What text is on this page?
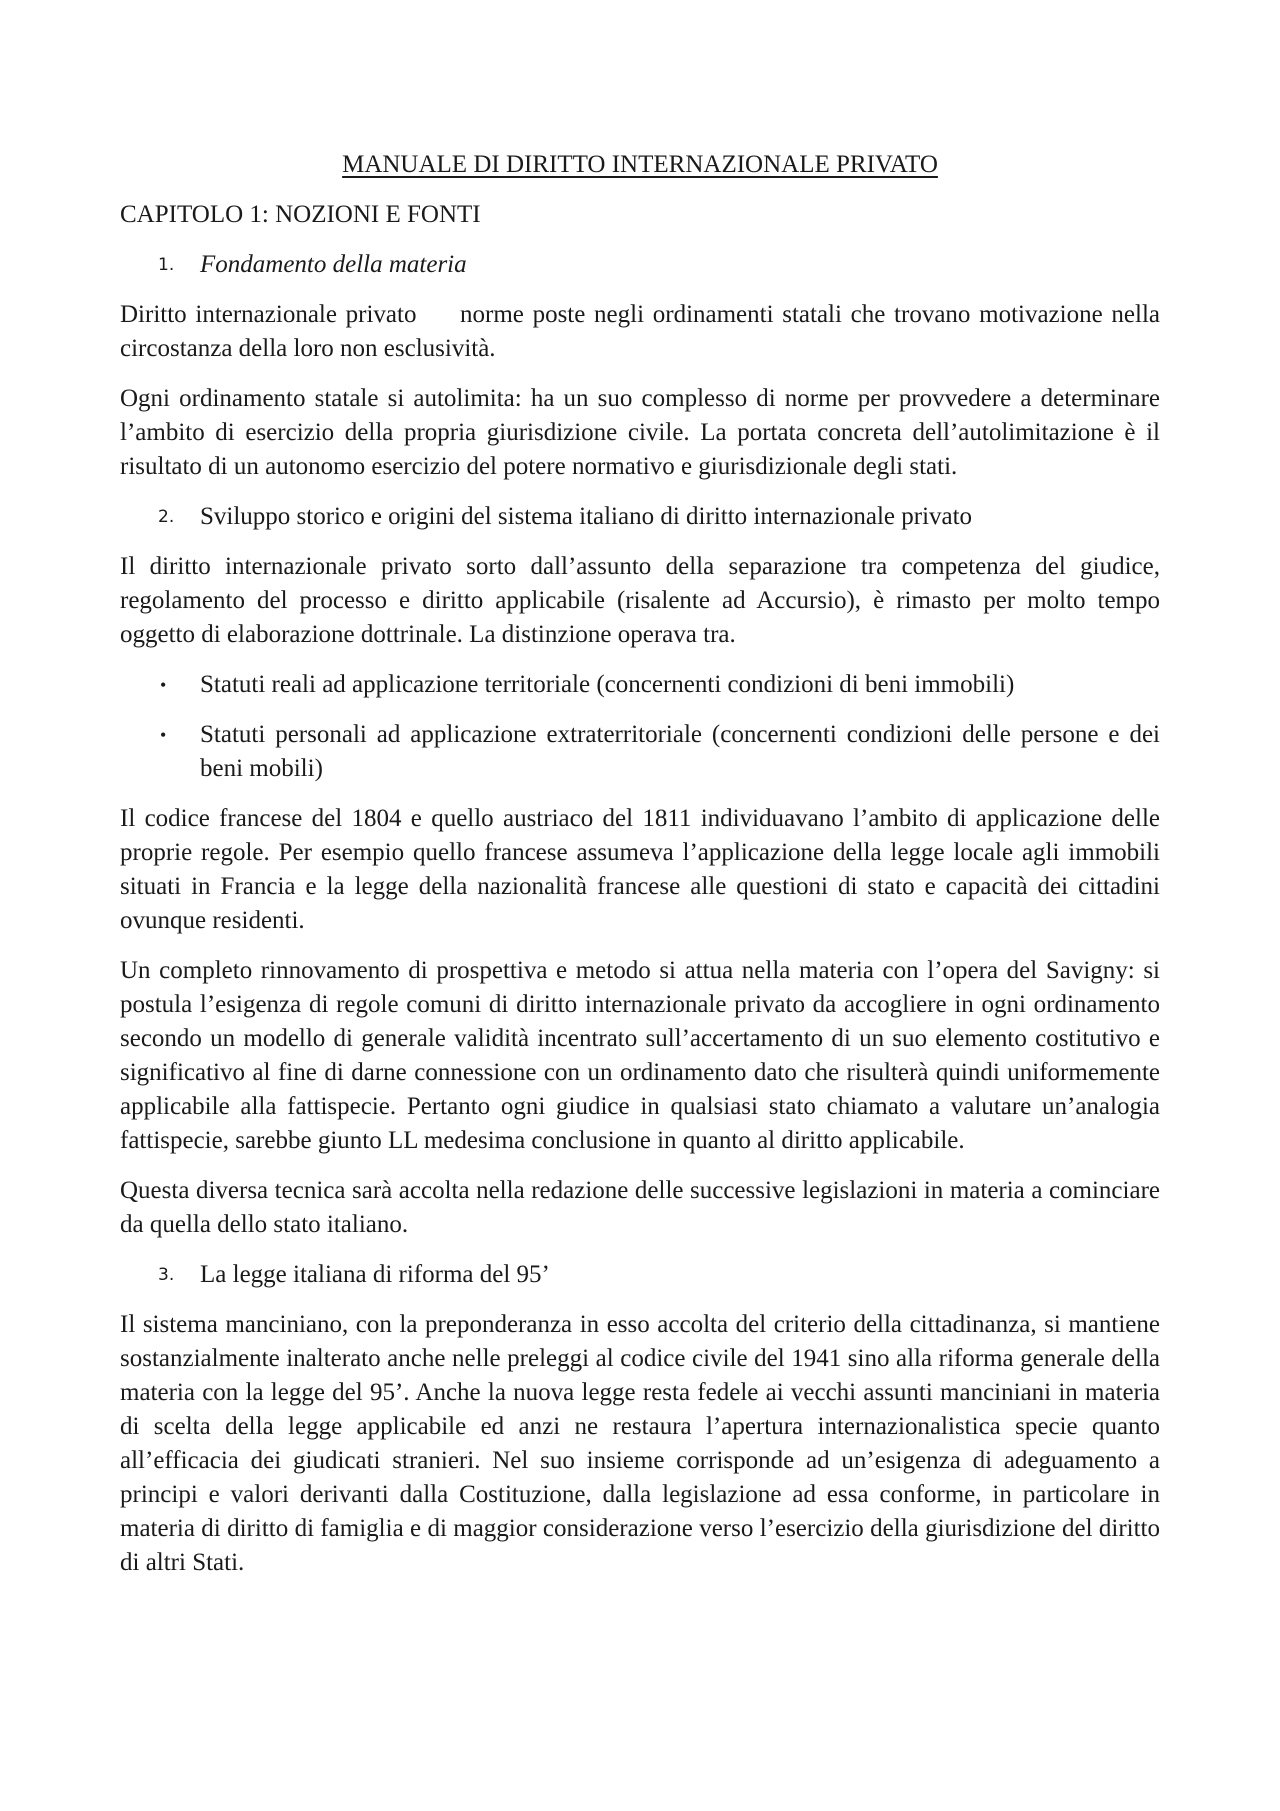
MANUALE DI DIRITTO INTERNAZIONALE PRIVATO
CAPITOLO 1: NOZIONI E FONTI
1. Fondamento della materia

Diritto internazionale privato     norme poste negli ordinamenti statali che trovano motivazione nella circostanza della loro non esclusività.

Ogni ordinamento statale si autolimita: ha un suo complesso di norme per provvedere a determinare l’ambito di esercizio della propria giurisdizione civile. La portata concreta dell’autolimitazione è il risultato di un autonomo esercizio del potere normativo e giurisdizionale degli stati.

2. Sviluppo storico e origini del sistema italiano di diritto internazionale privato

Il diritto internazionale privato sorto dall’assunto della separazione tra competenza del giudice, regolamento del processo e diritto applicabile (risalente ad Accursio), è rimasto per molto tempo oggetto di elaborazione dottrinale. La distinzione operava tra.

• Statuti reali ad applicazione territoriale (concernenti condizioni di beni immobili)
• Statuti personali ad applicazione extraterritoriale (concernenti condizioni delle persone e dei beni mobili)

Il codice francese del 1804 e quello austriaco del 1811 individuavano l’ambito di applicazione delle proprie regole. Per esempio quello francese assumeva l’applicazione della legge locale agli immobili situati in Francia e la legge della nazionalità francese alle questioni di stato e capacità dei cittadini ovunque residenti.

Un completo rinnovamento di prospettiva e metodo si attua nella materia con l’opera del Savigny: si postula l’esigenza di regole comuni di diritto internazionale privato da accogliere in ogni ordinamento secondo un modello di generale validità incentrato sull’accertamento di un suo elemento costitutivo e significativo al fine di darne connessione con un ordinamento dato che risulterà quindi uniformemente applicabile alla fattispecie. Pertanto ogni giudice in qualsiasi stato chiamato a valutare un’analogia fattispecie, sarebbe giunto LL medesima conclusione in quanto al diritto applicabile.

Questa diversa tecnica sarà accolta nella redazione delle successive legislazioni in materia a cominciare da quella dello stato italiano.

3. La legge italiana di riforma del 95’

Il sistema manciniano, con la preponderanza in esso accolta del criterio della cittadinanza, si mantiene sostanzialmente inalterato anche nelle preleggi al codice civile del 1941 sino alla riforma generale della materia con la legge del 95’. Anche la nuova legge resta fedele ai vecchi assunti manciniani in materia di scelta della legge applicabile ed anzi ne restaura l’apertura internazionalistica specie quanto all’efficacia dei giudicati stranieri. Nel suo insieme corrisponde ad un’esigenza di adeguamento a principi e valori derivanti dalla Costituzione, dalla legislazione ad essa conforme, in particolare in materia di diritto di famiglia e di maggior considerazione verso l’esercizio della giurisdizione del diritto di altri Stati.
